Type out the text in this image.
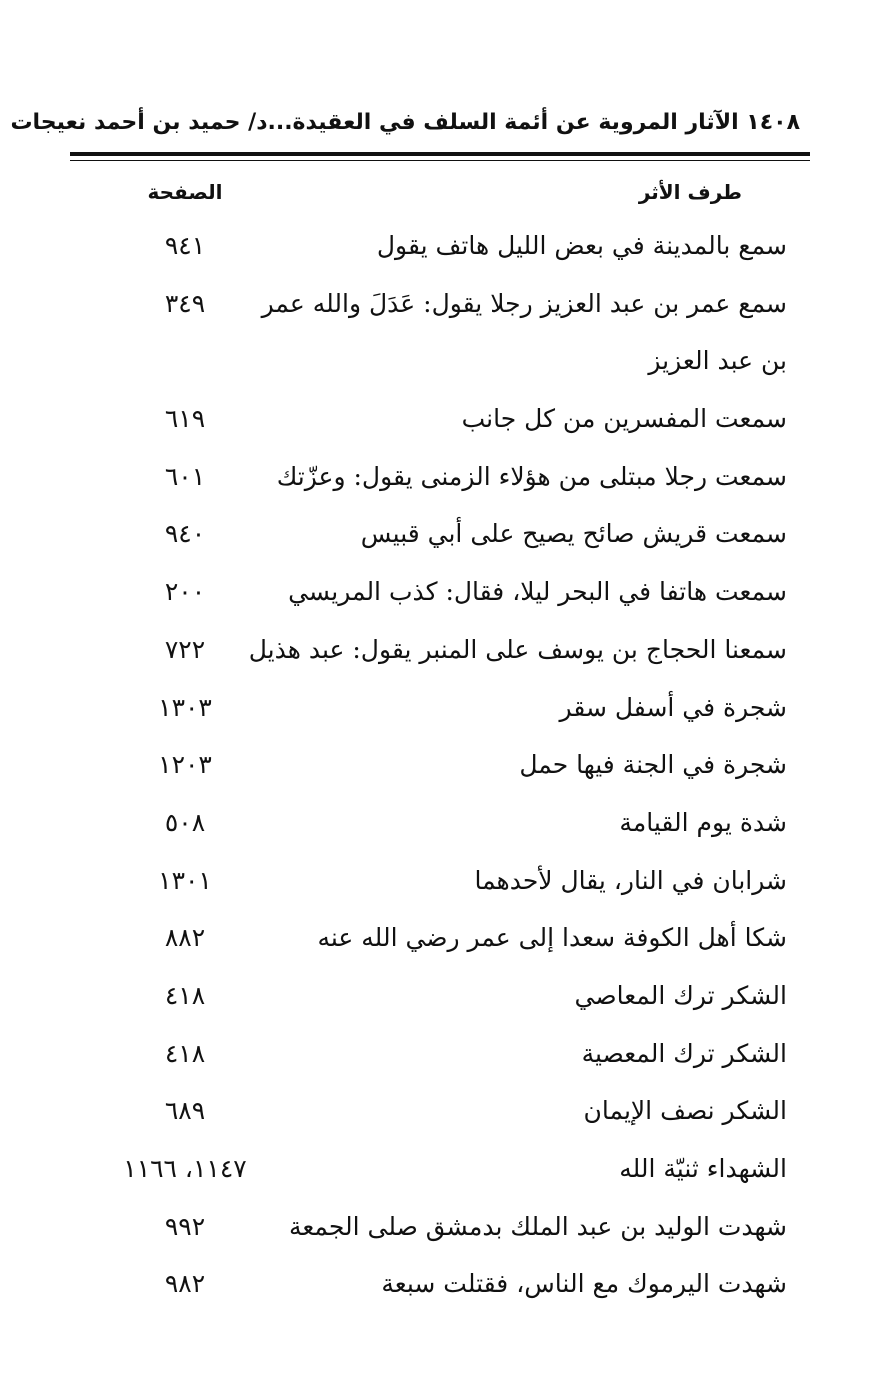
١٤٠٨ الآثار المروية عن أئمة السلف في العقيدة...د/ حميد بن أحمد نعيجات
طرف الأثر
الصفحة
سمع بالمدينة في بعض الليل هاتف يقول
٩٤١
سمع عمر بن عبد العزيز رجلا يقول: عَدَلَ والله عمر
٣٤٩
بن عبد العزيز
سمعت المفسرين من كل جانب
٦١٩
سمعت رجلا مبتلى من هؤلاء الزمنى يقول: وعزّتك
٦٠١
سمعت قريش صائح يصيح على أبي قبيس
٩٤٠
سمعت هاتفا في البحر ليلا، فقال: كذب المريسي
٢٠٠
سمعنا الحجاج بن يوسف على المنبر يقول: عبد هذيل
٧٢٢
شجرة في أسفل سقر
١٣٠٣
شجرة في الجنة فيها حمل
١٢٠٣
شدة يوم القيامة
٥٠٨
شرابان في النار، يقال لأحدهما
١٣٠١
شكا أهل الكوفة سعدا إلى عمر رضي الله عنه
٨٨٢
الشكر ترك المعاصي
٤١٨
الشكر ترك المعصية
٤١٨
الشكر نصف الإيمان
٦٨٩
الشهداء ثنيّة الله
١١٤٧، ١١٦٦
شهدت الوليد بن عبد الملك بدمشق صلى الجمعة
٩٩٢
شهدت اليرموك مع الناس، فقتلت سبعة
٩٨٢
